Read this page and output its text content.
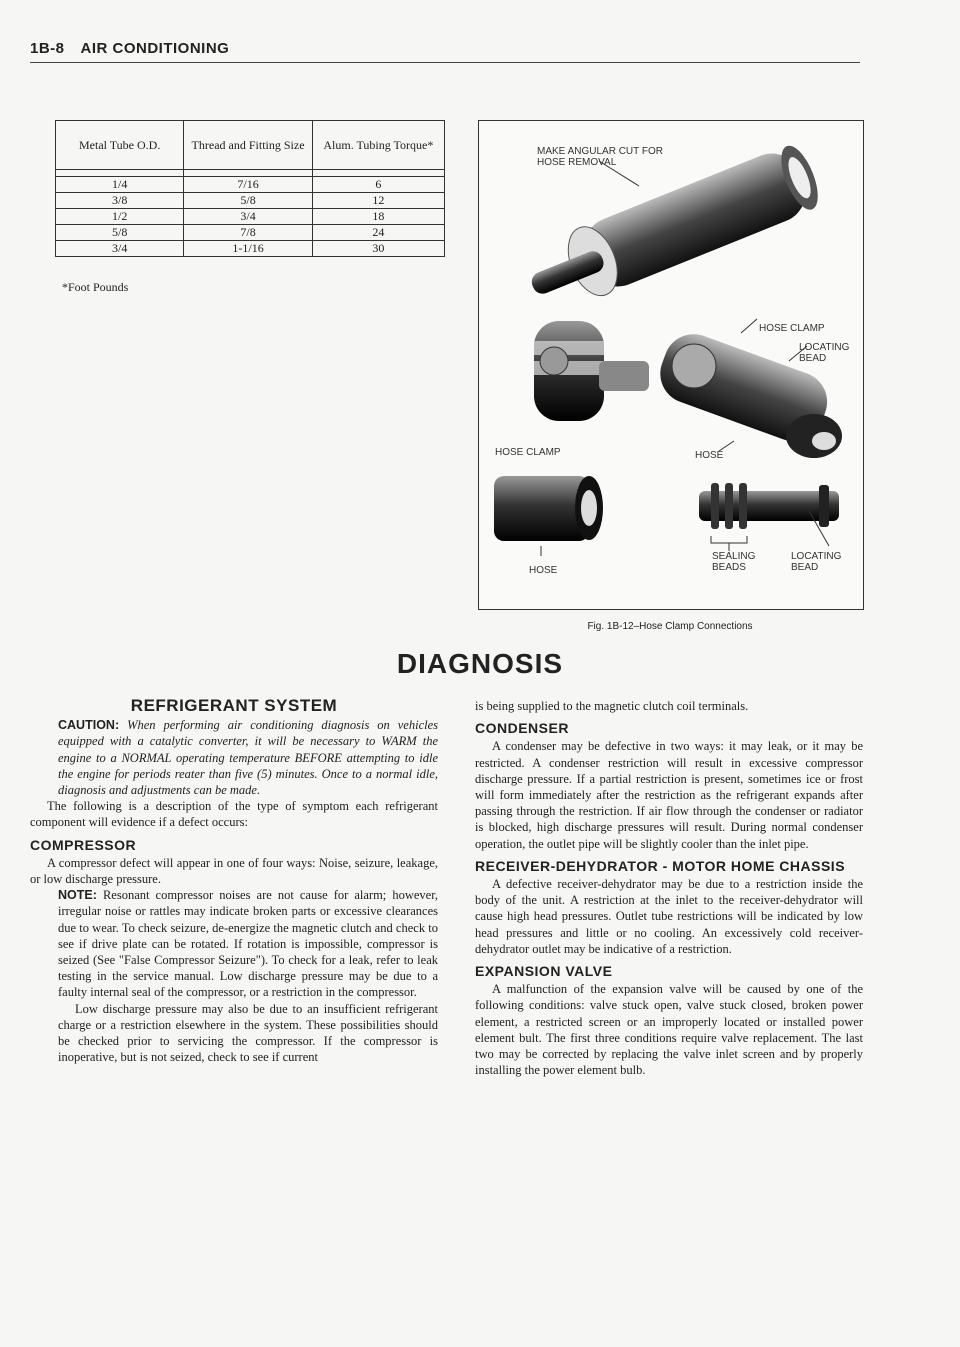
1B-8 AIR CONDITIONING
Metal Tube O.D.	Thread and Fitting Size	Alum. Tubing Torque*

1/4	7/16	6
3/8	5/8	12
1/2	3/4	18
5/8	7/8	24
3/4	1-1/16	30
*Foot Pounds
MAKE ANGULAR CUT FOR HOSE REMOVAL
HOSE CLAMP
LOCATING BEAD
HOSE CLAMP	HOSE
HOSE
SEALING BEADS
LOCATING BEAD
Fig. 1B-12–Hose Clamp Connections
DIAGNOSIS
REFRIGERANT SYSTEM

CAUTION: When performing air conditioning diagnosis on vehicles equipped with a catalytic converter, it will be necessary to WARM the engine to a NORMAL operating temperature BEFORE attempting to idle the engine for periods reater than five (5) minutes. Once to a normal idle, diagnosis and adjustments can be made.

The following is a description of the type of symptom each refrigerant component will evidence if a defect occurs:

COMPRESSOR

A compressor defect will appear in one of four ways: Noise, seizure, leakage, or low discharge pressure.

NOTE: Resonant compressor noises are not cause for alarm; however, irregular noise or rattles may indicate broken parts or excessive clearances due to wear. To check seizure, de-energize the magnetic clutch and check to see if drive plate can be rotated. If rotation is impossible, compressor is seized (See "False Compressor Seizure"). To check for a leak, refer to leak testing in the service manual. Low discharge pressure may be due to a faulty internal seal of the compressor, or a restriction in the compressor.

Low discharge pressure may also be due to an insufficient refrigerant charge or a restriction elsewhere in the system. These possibilities should be checked prior to servicing the compressor. If the compressor is inoperative, but is not seized, check to see if current

is being supplied to the magnetic clutch coil terminals.

CONDENSER

A condenser may be defective in two ways: it may leak, or it may be restricted. A condenser restriction will result in excessive compressor discharge pressure. If a partial restriction is present, sometimes ice or frost will form immediately after the restriction as the refrigerant expands after passing through the restriction. If air flow through the condenser or radiator is blocked, high discharge pressures will result. During normal condenser operation, the outlet pipe will be slightly cooler than the inlet pipe.

RECEIVER-DEHYDRATOR - MOTOR HOME CHASSIS

A defective receiver-dehydrator may be due to a restriction inside the body of the unit. A restriction at the inlet to the receiver-dehydrator will cause high head pressures. Outlet tube restrictions will be indicated by low head pressures and little or no cooling. An excessively cold receiver-dehydrator outlet may be indicative of a restriction.

EXPANSION VALVE

A malfunction of the expansion valve will be caused by one of the following conditions: valve stuck open, valve stuck closed, broken power element, a restricted screen or an improperly located or installed power element bult. The first three conditions require valve replacement. The last two may be corrected by replacing the valve inlet screen and by properly installing the power element bulb.
